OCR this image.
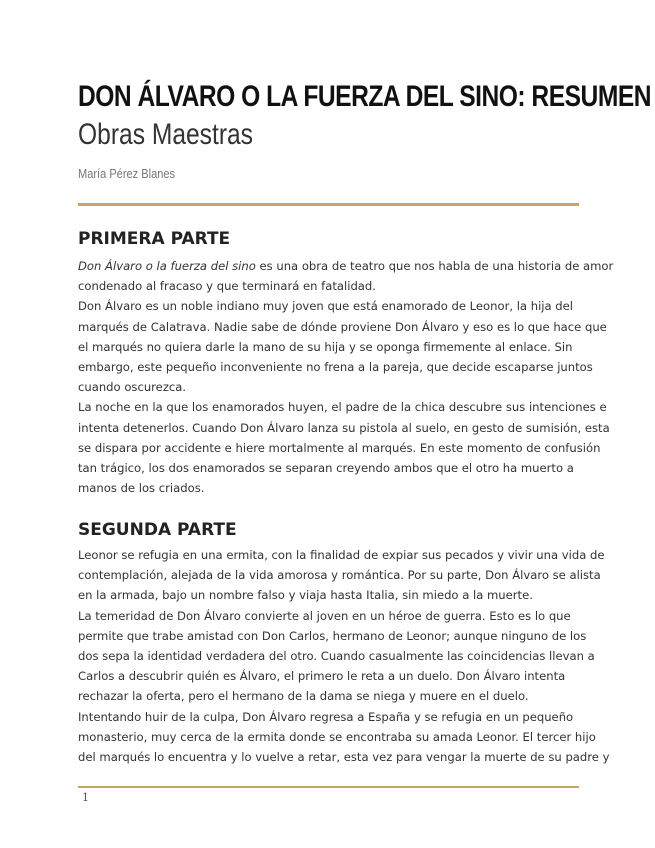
DON ÁLVARO O LA FUERZA DEL SINO: RESUMEN
Obras Maestras
María Pérez Blanes
PRIMERA PARTE
Don Álvaro o la fuerza del sino es una obra de teatro que nos habla de una historia de amor
condenado al fracaso y que terminará en fatalidad.
Don Álvaro es un noble indiano muy joven que está enamorado de Leonor, la hija del
marqués de Calatrava. Nadie sabe de dónde proviene Don Álvaro y eso es lo que hace que
el marqués no quiera darle la mano de su hija y se oponga firmemente al enlace. Sin
embargo, este pequeño inconveniente no frena a la pareja, que decide escaparse juntos
cuando oscurezca.
La noche en la que los enamorados huyen, el padre de la chica descubre sus intenciones e
intenta detenerlos. Cuando Don Álvaro lanza su pistola al suelo, en gesto de sumisión, esta
se dispara por accidente e hiere mortalmente al marqués. En este momento de confusión
tan trágico, los dos enamorados se separan creyendo ambos que el otro ha muerto a
manos de los criados.
SEGUNDA PARTE
Leonor se refugia en una ermita, con la finalidad de expiar sus pecados y vivir una vida de
contemplación, alejada de la vida amorosa y romántica. Por su parte, Don Álvaro se alista
en la armada, bajo un nombre falso y viaja hasta Italia, sin miedo a la muerte.
La temeridad de Don Álvaro convierte al joven en un héroe de guerra. Esto es lo que
permite que trabe amistad con Don Carlos, hermano de Leonor; aunque ninguno de los
dos sepa la identidad verdadera del otro. Cuando casualmente las coincidencias llevan a
Carlos a descubrir quién es Álvaro, el primero le reta a un duelo. Don Álvaro intenta
rechazar la oferta, pero el hermano de la dama se niega y muere en el duelo.
Intentando huir de la culpa, Don Álvaro regresa a España y se refugia en un pequeño
monasterio, muy cerca de la ermita donde se encontraba su amada Leonor. El tercer hijo
del marqués lo encuentra y lo vuelve a retar, esta vez para vengar la muerte de su padre y
1
